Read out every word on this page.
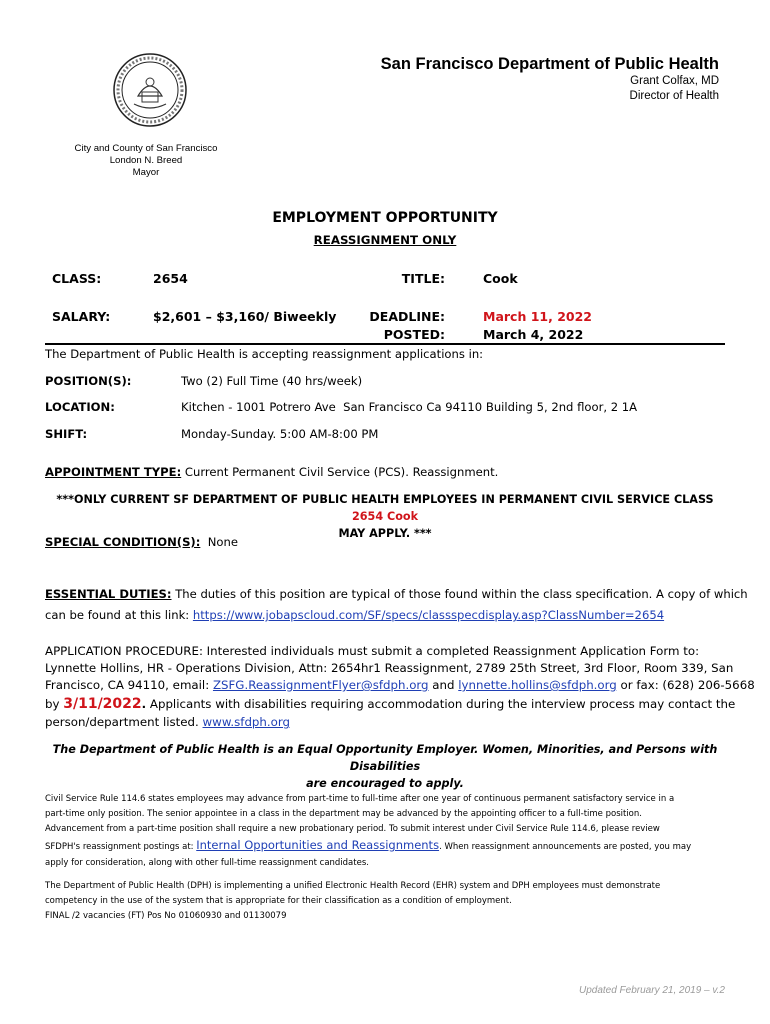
San Francisco Department of Public Health
Grant Colfax, MD
Director of Health
City and County of San Francisco
London N. Breed
Mayor
EMPLOYMENT OPPORTUNITY
REASSIGNMENT ONLY
CLASS:	2654	TITLE:	Cook
SALARY:	$2,601 – $3,160/ Biweekly	DEADLINE:	March 11, 2022
POSTED:	March 4, 2022
The Department of Public Health is accepting reassignment applications in:
POSITION(S):	Two (2) Full Time (40 hrs/week)
LOCATION:	Kitchen - 1001 Potrero Ave  San Francisco Ca 94110 Building 5, 2nd floor, 2 1A
SHIFT:	Monday-Sunday. 5:00 AM-8:00 PM
APPOINTMENT TYPE: Current Permanent Civil Service (PCS). Reassignment.
***ONLY CURRENT SF DEPARTMENT OF PUBLIC HEALTH EMPLOYEES IN PERMANENT CIVIL SERVICE CLASS 2654 Cook
MAY APPLY. ***
SPECIAL CONDITION(S):  None
ESSENTIAL DUTIES: The duties of this position are typical of those found within the class specification. A copy of which
can be found at this link: https://www.jobapscloud.com/SF/specs/classspecdisplay.asp?ClassNumber=2654
APPLICATION PROCEDURE: Interested individuals must submit a completed Reassignment Application Form to:
Lynnette Hollins, HR - Operations Division, Attn: 2654hr1 Reassignment, 2789 25th Street, 3rd Floor, Room 339, San
Francisco, CA 94110, email: ZSFG.ReassignmentFlyer@sfdph.org and lynnette.hollins@sfdph.org or fax: (628) 206-5668
by 3/11/2022. Applicants with disabilities requiring accommodation during the interview process may contact the
person/department listed. www.sfdph.org
The Department of Public Health is an Equal Opportunity Employer. Women, Minorities, and Persons with Disabilities
are encouraged to apply.
Civil Service Rule 114.6 states employees may advance from part-time to full-time after one year of continuous permanent satisfactory service in a
part-time only position. The senior appointee in a class in the department may be advanced by the appointing officer to a full-time position.
Advancement from a part-time position shall require a new probationary period. To submit interest under Civil Service Rule 114.6, please review
SFDPH's reassignment postings at: Internal Opportunities and Reassignments. When reassignment announcements are posted, you may
apply for consideration, along with other full-time reassignment candidates.
The Department of Public Health (DPH) is implementing a unified Electronic Health Record (EHR) system and DPH employees must demonstrate
competency in the use of the system that is appropriate for their classification as a condition of employment.
FINAL /2 vacancies (FT) Pos No 01060930 and 01130079
Updated February 21, 2019 – v.2
